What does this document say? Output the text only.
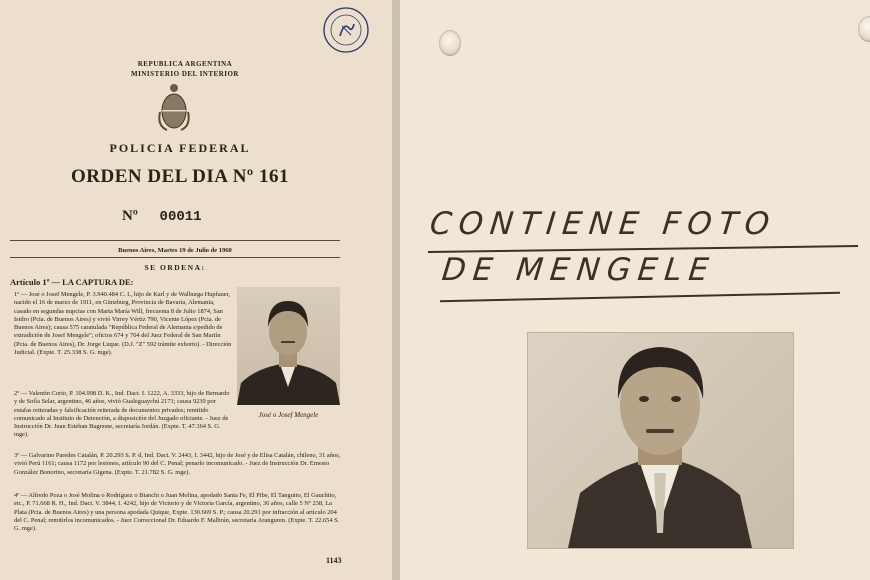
REPUBLICA ARGENTINA
MINISTERIO DEL INTERIOR
POLICIA FEDERAL
ORDEN DEL DIA Nº 161
Nº 00011
Buenos Aires, Martes 19 de Julio de 1960
SE ORDENA:
Artículo 1º — LA CAPTURA DE:
José o Josef Mengele
1º — José o Josef Mengele, P. 3.940.484 C. I., hijo de Karl y de Walburga Hupfauer, nacido el 16 de marzo de 1911, en Günzburg, Provincia de Bavaria, Alemania, casado en segundas nupcias con Marta María Will, frecuenta 8 de Julio 1874, San Isidro (Pcia. de Buenos Aires) y vivió Virrey Vértiz 790, Vicente López (Pcia. de Buenos Aires); causa 575 caratulada "República Federal de Alemania s/pedido de extradición de Josef Mengele"; oficios 674 y 704 del Juez Federal de San Martín (Pcia. de Buenos Aires), Dr. Jorge Luque. (D.J. "Z" 592 trámite exhorto). - Dirección Judicial. (Expte. T. 25.338 S. G. mge).
2º — Valentín Corio, P. 104.998 D. K., Ind. Dact. I. 1222, A. 3333, hijo de Bernardo y de Sofía Selar, argentino, 46 años, vivió Gualeguaychú 2171; causa 9239 por estafas reiteradas y falsificación reiterada de documentos privados; remitido comunicado al Instituto de Detención, a disposición del Juzgado oficiante. - Juez de Instrucción Dr. Juan Esteban Bugnone, secretaría Jordán. (Expte. T. 47.364 S. G. mge).
3º — Galvarino Paredes Catalán, P. 20.293 S. P. d, Ind. Dact. V. 2443, I. 3442, hijo de José y de Elisa Catalán, chileno, 31 años, vivió Perú 1161; causa 1172 por lesiones, artículo 90 del C. Penal; penarlo incomunicado. - Juez de Instrucción Dr. Ernesto González Bonorino, secretaría Gigena. (Expte. T. 21.782 S. G. mge).
4º — Alfredo Poza o José Molina o Rodríguez o Bianchi o Juan Molina, apodado Santa Fe, El Pibe, El Tanguito, El Gauchito, etc., P. 71.668 R. H., Ind. Dact. V. 3844, I. 4242, hijo de Victorio y de Victoria García, argentino, 36 años, calle 5 Nº 238, La Plata (Pcia. de Buenos Aires) y una persona apodada Quique, Expte. 130.669 S. P.; causa 20.291 por infracción al artículo 204 del C. Penal; remitirlos incomunicados. - Juez Correccional Dr. Eduardo F. Malbrán, secretaría Aranguren. (Expte. T. 22.654 S. G. mge).
1143
CONTIENE FOTO
DE MENGELE
